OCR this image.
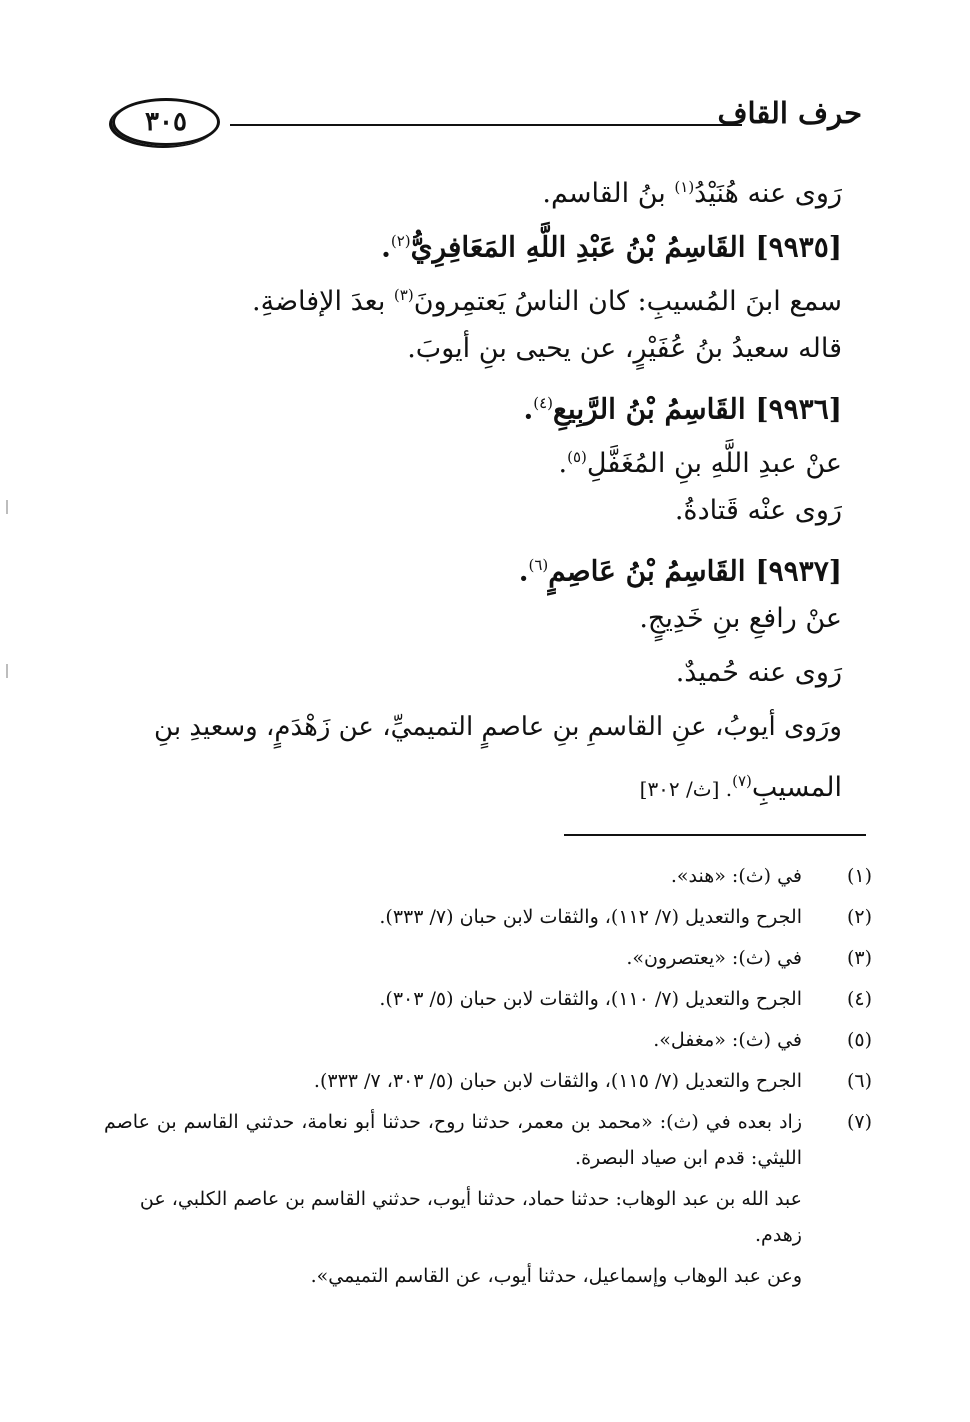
حرف القاف
٣٠٥
رَوى عنه هُنَيْدُ$^{(١)}$ بنُ القاسم.
[٩٩٣٥] القَاسِمُ بْنُ عَبْدِ اللَّهِ المَعَافِرِيُّ$^{(٢)}$.
سمع ابنَ المُسيبِ: كان الناسُ يَعتمِرونَ$^{(٣)}$ بعدَ الإفاضةِ.
قاله سعيدُ بنُ عُفَيْرٍ، عن يحيى بنِ أيوبَ.
[٩٩٣٦] القَاسِمُ بْنُ الرَّبِيعِ$^{(٤)}$.
عنْ عبدِ اللَّهِ بنِ المُغَفَّلِ$^{(٥)}$.
رَوى عنْه قَتادةُ.
[٩٩٣٧] القَاسِمُ بْنُ عَاصِمٍ$^{(٦)}$.
عنْ رافعِ بنِ خَدِيجٍ.
رَوى عنه حُميدٌ.
ورَوى أيوبُ، عنِ القاسمِ بنِ عاصمٍ التميميِّ، عن زَهْدَمٍ، وسعيدِ بنِ
المسيبِ$^{(٧)}$. [ث/ ٣٠٢]
(١)
في (ث): «هند».
(٢)
الجرح والتعديل (٧/ ١١٢)، والثقات لابن حبان (٧/ ٣٣٣).
(٣)
في (ث): «يعتصرون».
(٤)
الجرح والتعديل (٧/ ١١٠)، والثقات لابن حبان (٥/ ٣٠٣).
(٥)
في (ث): «مغفل».
(٦)
الجرح والتعديل (٧/ ١١٥)، والثقات لابن حبان (٥/ ٣٠٣، ٧/ ٣٣٣).
(٧)
زاد بعده في (ث): «محمد بن معمر، حدثنا روح، حدثنا أبو نعامة، حدثني القاسم بن عاصم الليثي: قدم ابن صياد البصرة.
عبد الله بن عبد الوهاب: حدثنا حماد، حدثنا أيوب، حدثني القاسم بن عاصم الكلبي، عن زهدم.
وعن عبد الوهاب وإسماعيل، حدثنا أيوب، عن القاسم التميمي».
